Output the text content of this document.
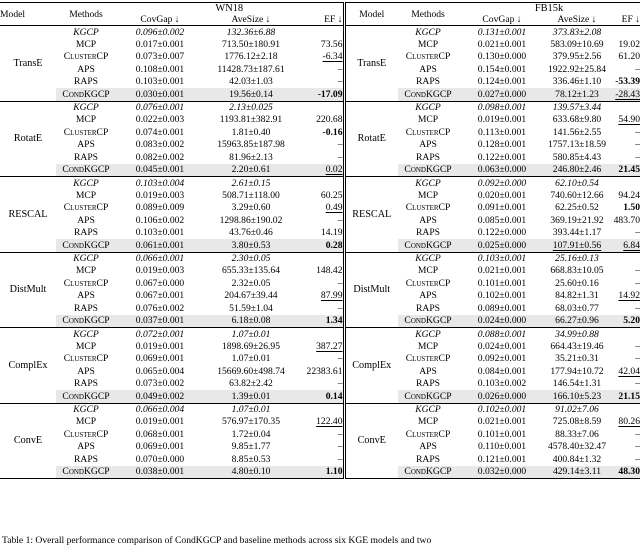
Model	Methods	WN18			Model	Methods	FB15k		
		CovGap ↓	AveSize ↓	EF ↓			CovGap ↓	AveSize ↓	EF ↓
TransE	KGCP	0.096±0.002	132.36±6.88		TransE	KGCP	0.131±0.001	373.83±2.08	
	MCP	0.017±0.001	713.50±180.91	73.56		MCP	0.021±0.001	583.09±10.69	19.02
	ClusterCP	0.073±0.007	1776.12±2.18	-6.34		ClusterCP	0.130±0.000	379.95±2.56	61.20
	APS	0.108±0.001	11428.73±187.61	–		APS	0.154±0.001	1922.92±25.84	–
	RAPS	0.103±0.001	42.03±1.03	–		RAPS	0.124±0.001	336.46±1.10	-53.39
	CondKGCP	0.030±0.001	19.56±0.14	-17.09		CondKGCP	0.027±0.000	78.12±1.23	-28.43
RotatE	KGCP	0.076±0.001	2.13±0.025		RotatE	KGCP	0.098±0.001	139.57±3.44	
	MCP	0.022±0.003	1193.81±382.91	220.68		MCP	0.019±0.001	633.68±9.80	54.90
	ClusterCP	0.074±0.001	1.81±0.40	-0.16		ClusterCP	0.113±0.001	141.56±2.55	–
	APS	0.083±0.002	15963.85±187.98	–		APS	0.128±0.001	1757.13±18.59	–
	RAPS	0.082±0.002	81.96±2.13	–		RAPS	0.122±0.001	580.85±4.43	–
	CondKGCP	0.045±0.001	2.20±0.61	0.02		CondKGCP	0.063±0.000	246.80±2.46	21.45
RESCAL	KGCP	0.103±0.004	2.61±0.15		RESCAL	KGCP	0.092±0.000	62.10±0.54	
	MCP	0.019±0.003	508.71±118.00	60.25		MCP	0.020±0.001	740.60±12.66	94.24
	ClusterCP	0.089±0.009	3.29±0.60	0.49		ClusterCP	0.091±0.001	62.25±0.52	1.50
	APS	0.106±0.002	1298.86±190.02	–		APS	0.085±0.001	369.19±21.92	483.70
	RAPS	0.103±0.001	43.76±0.46	14.19		RAPS	0.122±0.000	393.44±1.17	–
	CondKGCP	0.061±0.001	3.80±0.53	0.28		CondKGCP	0.025±0.000	107.91±0.56	6.84
DistMult	KGCP	0.066±0.001	2.30±0.05		DistMult	KGCP	0.103±0.001	25.16±0.13	
	MCP	0.019±0.003	655.33±135.64	148.42		MCP	0.021±0.001	668.83±10.05	–
	ClusterCP	0.067±0.000	2.32±0.05	–		ClusterCP	0.101±0.001	25.60±0.16	–
	APS	0.067±0.001	204.67±39.44	87.99		APS	0.102±0.001	84.82±1.31	14.92
	RAPS	0.076±0.002	51.59±1.04	–		RAPS	0.089±0.001	68.03±0.77	–
	CondKGCP	0.037±0.001	6.18±0.08	1.34		CondKGCP	0.024±0.000	66.27±0.96	5.20
ComplEx	KGCP	0.072±0.001	1.07±0.01		ComplEx	KGCP	0.088±0.001	34.99±0.88	
	MCP	0.019±0.001	1898.69±26.95	387.27		MCP	0.024±0.001	664.43±19.46	–
	ClusterCP	0.069±0.001	1.07±0.01	–		ClusterCP	0.092±0.001	35.21±0.31	–
	APS	0.065±0.004	15669.60±498.74	22383.61		APS	0.084±0.001	177.94±10.72	42.04
	RAPS	0.073±0.002	63.82±2.42	–		RAPS	0.103±0.002	146.54±1.31	–
	CondKGCP	0.049±0.002	1.39±0.01	0.14		CondKGCP	0.026±0.000	166.10±5.23	21.15
ConvE	KGCP	0.066±0.004	1.07±0.01		ConvE	KGCP	0.102±0.001	91.02±7.06	
	MCP	0.019±0.001	576.97±170.35	122.40		MCP	0.021±0.001	725.08±8.59	80.26
	ClusterCP	0.068±0.001	1.72±0.04	–		ClusterCP	0.101±0.001	88.33±7.06	–
	APS	0.069±0.001	9.85±1.77	–		APS	0.110±0.001	4578.40±32.47	–
	RAPS	0.070±0.000	8.85±0.53	–		RAPS	0.121±0.001	400.84±1.32	–
	CondKGCP	0.038±0.001	4.80±0.10	1.10		CondKGCP	0.032±0.000	429.14±3.11	48.30
Table 1: Overall performance comparison of CondKGCP and baseline methods across six KGE models and two
